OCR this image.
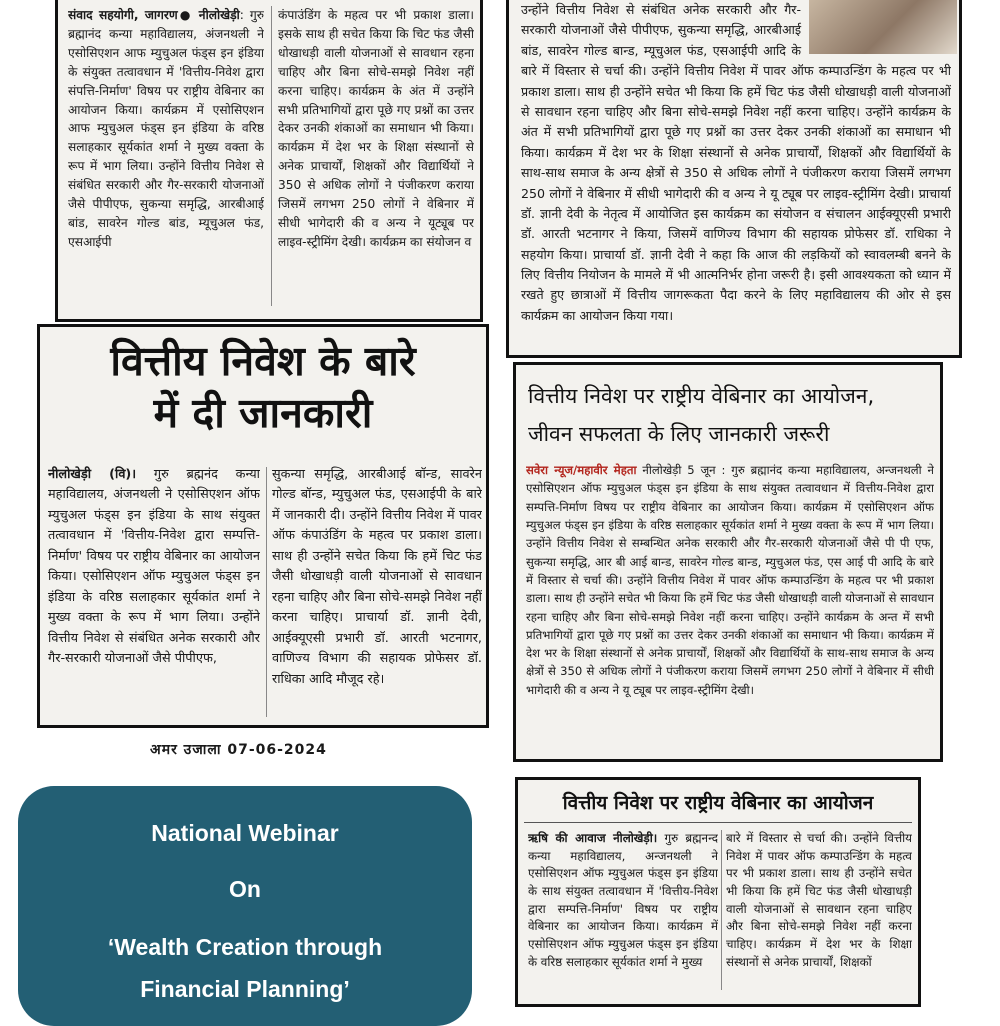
संवाद सहयोगी, जागरण● नीलोखेड़ी: गुरु ब्रह्मानंद कन्या महाविद्यालय, अंजनथली ने एसोसिएशन आफ म्युचुअल फंड्स इन इंडिया के संयुक्त तत्वावधान में 'वित्तीय-निवेश द्वारा संपत्ति-निर्माण' विषय पर राष्ट्रीय वेबिनार का आयोजन किया। कार्यक्रम में एसोसिएशन आफ म्युचुअल फंड्स इन इंडिया के वरिष्ठ सलाहकार सूर्यकांत शर्मा ने मुख्य वक्ता के रूप में भाग लिया। उन्होंने वित्तीय निवेश से संबंधित सरकारी और गैर-सरकारी योजनाओं जैसे पीपीएफ, सुकन्या समृद्धि, आरबीआई बांड, सावरेन गोल्ड बांड, म्यूचुअल फंड, एसआईपी

कंपाउंडिंग के महत्व पर भी प्रकाश डाला। इसके साथ ही सचेत किया कि चिट फंड जैसी धोखाधड़ी वाली योजनाओं से सावधान रहना चाहिए और बिना सोचे-समझे निवेश नहीं करना चाहिए। कार्यक्रम के अंत में उन्होंने सभी प्रतिभागियों द्वारा पूछे गए प्रश्नों का उत्तर देकर उनकी शंकाओं का समाधान भी किया। कार्यक्रम में देश भर के शिक्षा संस्थानों से अनेक प्राचार्यों, शिक्षकों और विद्यार्थियों ने 350 से अधिक लोगों ने पंजीकरण कराया जिसमें लगभग 250 लोगों ने वेबिनार में सीधी भागेदारी की व अन्य ने यूट्यूब पर लाइव-स्ट्रीमिंग देखी। कार्यक्रम का संयोजन व

उन्होंने वित्तीय निवेश से संबंधित अनेक सरकारी और गैर-सरकारी योजनाओं जैसे पीपीएफ, सुकन्या समृद्धि, आरबीआई बांड, सावरेन गोल्ड बान्ड, म्यूचुअल फंड, एसआईपी आदि के बारे में विस्तार से चर्चा की। उन्होंने वित्तीय निवेश में पावर ऑफ कम्पाउन्डिंग के महत्व पर भी प्रकाश डाला। साथ ही उन्होंने सचेत भी किया कि हमें चिट फंड जैसी धोखाधड़ी वाली योजनाओं से सावधान रहना चाहिए और बिना सोचे-समझे निवेश नहीं करना चाहिए। उन्होंने कार्यक्रम के अंत में सभी प्रतिभागियों द्वारा पूछे गए प्रश्नों का उत्तर देकर उनकी शंकाओं का समाधान भी किया। कार्यक्रम में देश भर के शिक्षा संस्थानों से अनेक प्राचार्यों, शिक्षकों और विद्यार्थियों के साथ-साथ समाज के अन्य क्षेत्रों से 350 से अधिक लोगों ने पंजीकरण कराया जिसमें लगभग 250 लोगों ने वेबिनार में सीधी भागेदारी की व अन्य ने यू ट्यूब पर लाइव-स्ट्रीमिंग देखी। प्राचार्या डॉ. ज्ञानी देवी के नेतृत्व में आयोजित इस कार्यक्रम का संयोजन व संचालन आईक्यूएसी प्रभारी डॉ. आरती भटनागर ने किया, जिसमें वाणिज्य विभाग की सहायक प्रोफेसर डॉ. राधिका ने सहयोग किया। प्राचार्या डॉ. ज्ञानी देवी ने कहा कि आज की लड़कियों को स्वावलम्बी बनने के लिए वित्तीय नियोजन के मामले में भी आत्मनिर्भर होना जरूरी है। इसी आवश्यकता को ध्यान में रखते हुए छात्राओं में वित्तीय जागरूकता पैदा करने के लिए महाविद्यालय की ओर से इस कार्यक्रम का आयोजन किया गया।

वित्तीय निवेश के बारे
में दी जानकारी

नीलोखेड़ी (वि)। गुरु ब्रह्मनंद कन्या महाविद्यालय, अंजनथली ने एसोसिएशन ऑफ म्युचुअल फंड्स इन इंडिया के साथ संयुक्त तत्वावधान में 'वित्तीय-निवेश द्वारा सम्पत्ति-निर्माण' विषय पर राष्ट्रीय वेबिनार का आयोजन किया। एसोसिएशन ऑफ म्युचुअल फंड्स इन इंडिया के वरिष्ठ सलाहकार सूर्यकांत शर्मा ने मुख्य वक्ता के रूप में भाग लिया। उन्होंने वित्तीय निवेश से संबंधित अनेक सरकारी और गैर-सरकारी योजनाओं जैसे पीपीएफ,

सुकन्या समृद्धि, आरबीआई बॉन्ड, सावरेन गोल्ड बॉन्ड, म्युचुअल फंड, एसआईपी के बारे में जानकारी दी। उन्होंने वित्तीय निवेश में पावर ऑफ कंपाउंडिंग के महत्व पर प्रकाश डाला। साथ ही उन्होंने सचेत किया कि हमें चिट फंड जैसी धोखाधड़ी वाली योजनाओं से सावधान रहना चाहिए और बिना सोचे-समझे निवेश नहीं करना चाहिए। प्राचार्या डॉ. ज्ञानी देवी, आईक्यूएसी प्रभारी डॉ. आरती भटनागर, वाणिज्य विभाग की सहायक प्रोफेसर डॉ. राधिका आदि मौजूद रहे।

अमर उजाला 07-06-2024
वित्तीय निवेश पर राष्ट्रीय वेबिनार का आयोजन,
जीवन सफलता के लिए जानकारी जरूरी

सवेरा न्यूज/महावीर मेहता नीलोखेड़ी 5 जून : गुरु ब्रह्मानंद कन्या महाविद्यालय, अन्जनथली ने एसोसिएशन ऑफ म्युचुअल फंड्स इन इंडिया के साथ संयुक्त तत्वावधान में वित्तीय-निवेश द्वारा सम्पत्ति-निर्माण विषय पर राष्ट्रीय वेबिनार का आयोजन किया। कार्यक्रम में एसोसिएशन ऑफ म्युचुअल फंड्स इन इंडिया के वरिष्ठ सलाहकार सूर्यकांत शर्मा ने मुख्य वक्ता के रूप में भाग लिया। उन्होंने वित्तीय निवेश से सम्बन्धित अनेक सरकारी और गैर-सरकारी योजनाओं जैसे पी पी एफ, सुकन्या समृद्धि, आर बी आई बान्ड, सावरेन गोल्ड बान्ड, म्युचुअल फंड, एस आई पी आदि के बारे में विस्तार से चर्चा की। उन्होंने वित्तीय निवेश में पावर ऑफ कम्पाउन्डिंग के महत्व पर भी प्रकाश डाला। साथ ही उन्होंने सचेत भी किया कि हमें चिट फंड जैसी धोखाधड़ी वाली योजनाओं से सावधान रहना चाहिए और बिना सोचे-समझे निवेश नहीं करना चाहिए। उन्होंने कार्यक्रम के अन्त में सभी प्रतिभागियों द्वारा पूछे गए प्रश्नों का उत्तर देकर उनकी शंकाओं का समाधान भी किया। कार्यक्रम में देश भर के शिक्षा संस्थानों से अनेक प्राचार्यों, शिक्षकों और विद्यार्थियों के साथ-साथ समाज के अन्य क्षेत्रों से 350 से अधिक लोगों ने पंजीकरण कराया जिसमें लगभग 250 लोगों ने वेबिनार में सीधी भागेदारी की व अन्य ने यू ट्यूब पर लाइव-स्ट्रीमिंग देखी।

वित्तीय निवेश पर राष्ट्रीय वेबिनार का आयोजन

ऋषि की आवाज नीलोखेड़ी। गुरु ब्रह्मनन्द कन्या महाविद्यालय, अन्जनथली ने एसोसिएशन ऑफ म्युचुअल फंड्स इन इंडिया के साथ संयुक्त तत्वावधान में 'वित्तीय-निवेश द्वारा सम्पत्ति-निर्माण' विषय पर राष्ट्रीय वेबिनार का आयोजन किया। कार्यक्रम में एसोसिएशन ऑफ म्युचुअल फंड्स इन इंडिया के वरिष्ठ सलाहकार सूर्यकांत शर्मा ने मुख्य

बारे में विस्तार से चर्चा की। उन्होंने वित्तीय निवेश में पावर ऑफ कम्पाउन्डिंग के महत्व पर भी प्रकाश डाला। साथ ही उन्होंने सचेत भी किया कि हमें चिट फंड जैसी धोखाधड़ी वाली योजनाओं से सावधान रहना चाहिए और बिना सोचे-समझे निवेश नहीं करना चाहिए। कार्यक्रम में देश भर के शिक्षा संस्थानों से अनेक प्राचार्यों, शिक्षकों

National Webinar
On
‘Wealth Creation through
Financial Planning’
